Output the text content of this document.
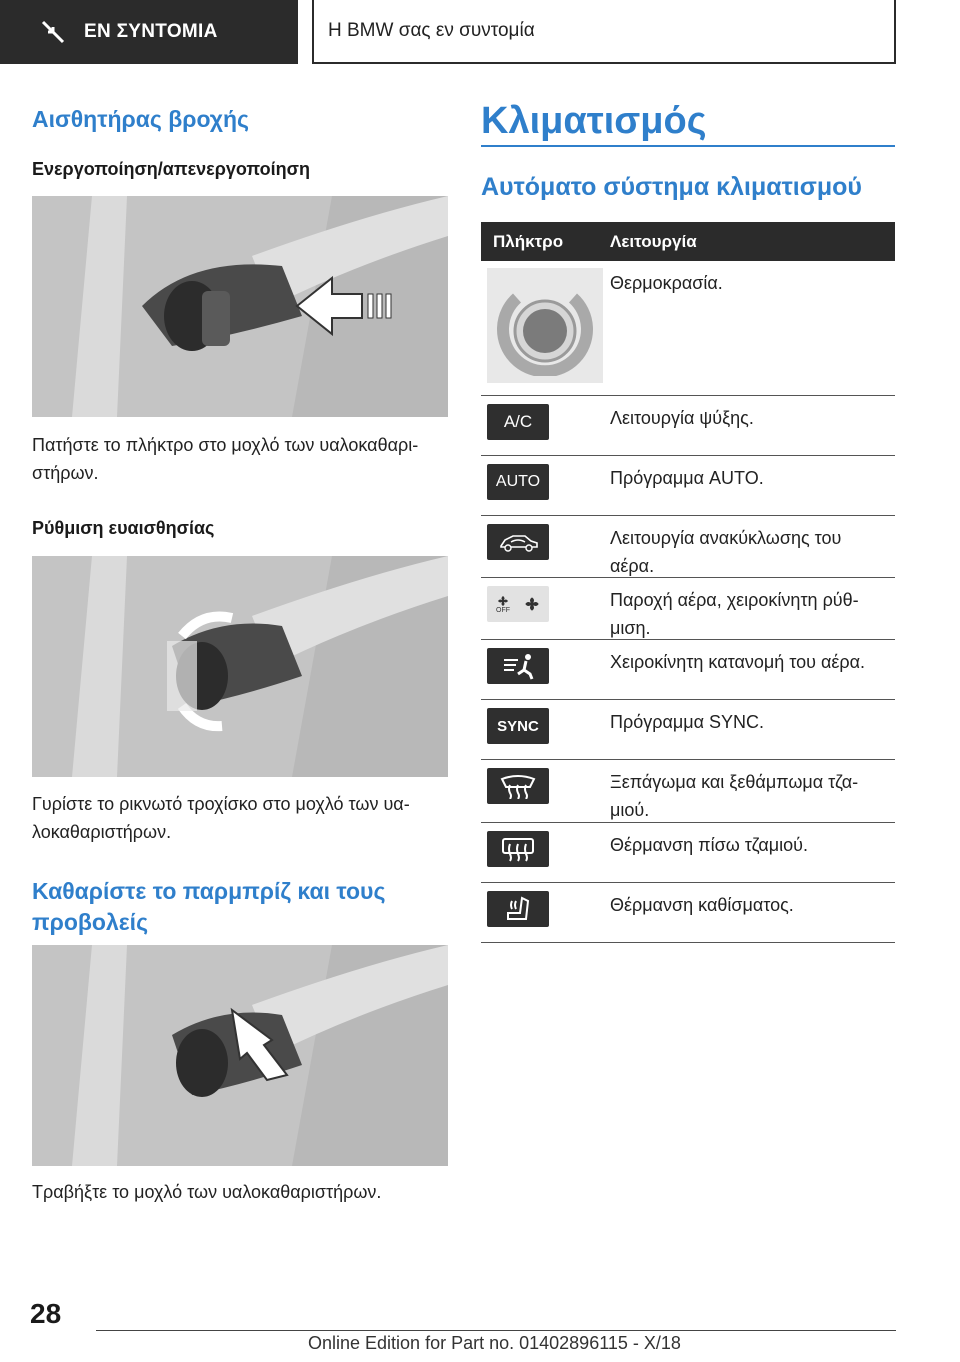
ΕΝ ΣΥΝΤΟΜΙΑ	Η BMW σας εν συντομία
Αισθητήρας βροχής
Ενεργοποίηση/απενεργοποίηση
Πατήστε το πλήκτρο στο μοχλό των υαλοκαθαρι-
στήρων.
Ρύθμιση ευαισθησίας
Γυρίστε το ρικνωτό τροχίσκο στο μοχλό των υα-
λοκαθαριστήρων.
Καθαρίστε το παρμπρίζ και τους
προβολείς
Τραβήξτε το μοχλό των υαλοκαθαριστήρων.
Κλιματισμός
Αυτόματο σύστημα κλιματισμού
Πλήκτρο	Λειτουργία
Θερμοκρασία.
A/C	Λειτουργία ψύξης.
AUTO	Πρόγραμμα AUTO.
Λειτουργία ανακύκλωσης του
αέρα.
OFF	Παροχή αέρα, χειροκίνητη ρύθ-
μιση.
Χειροκίνητη κατανομή του αέρα.
SYNC	Πρόγραμμα SYNC.
Ξεπάγωμα και ξεθάμπωμα τζα-
μιού.
Θέρμανση πίσω τζαμιού.
Θέρμανση καθίσματος.
28
Online Edition for Part no. 01402896115 - X/18
